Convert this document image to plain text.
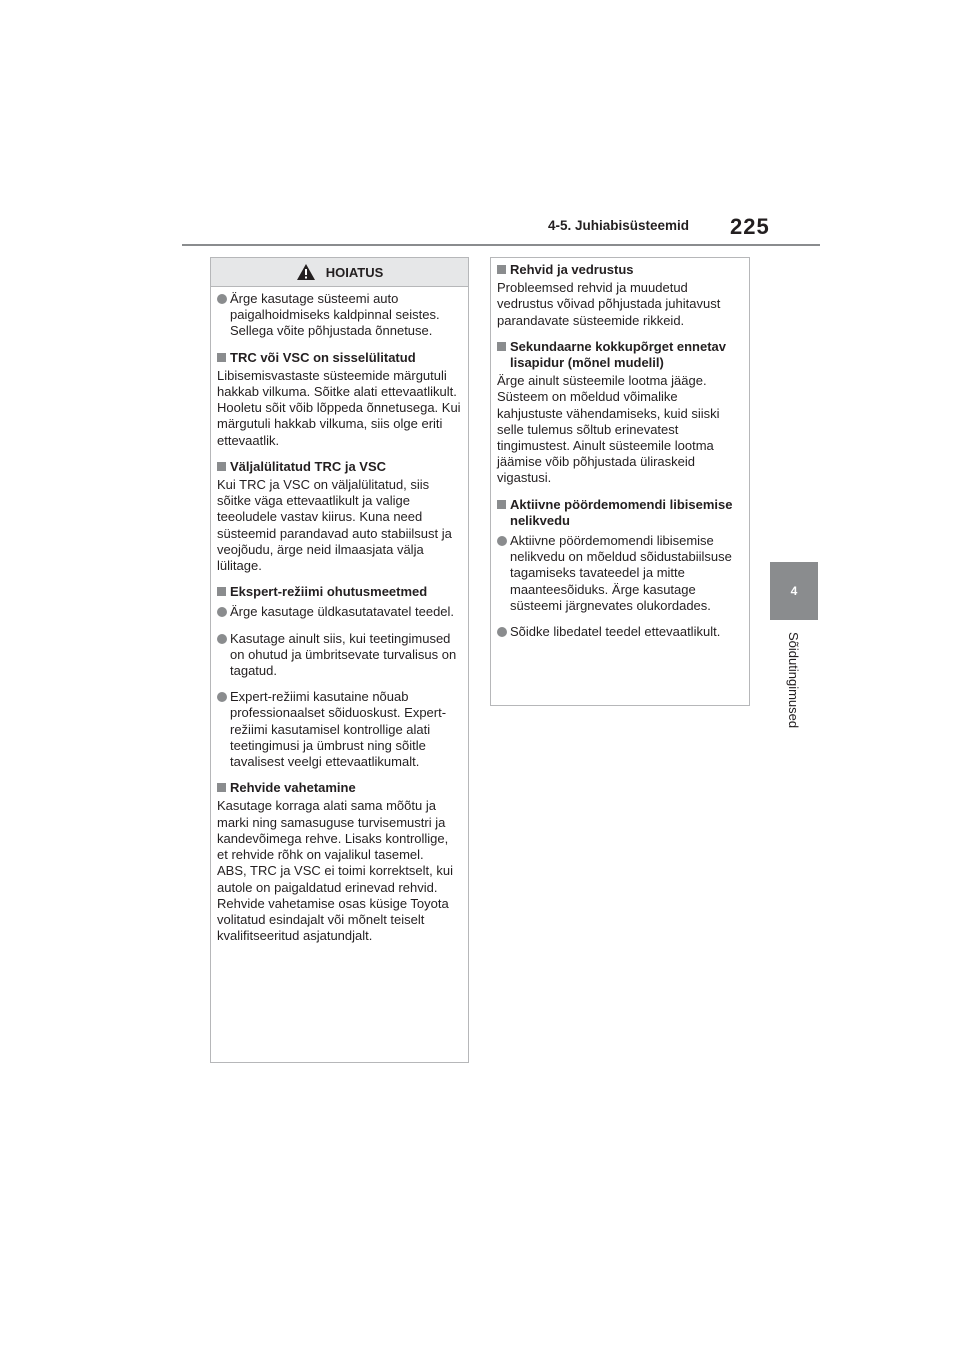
4-5. Juhiabisüsteemid 225
4
Sõidutingimused
HOIATUS
Ärge kasutage süsteemi auto paigalhoidmiseks kaldpinnal seistes. Sellega võite põhjustada õnnetuse.
TRC või VSC on sisselülitatud
Libisemisvastaste süsteemide märgutuli hakkab vilkuma. Sõitke alati ettevaatlikult. Hooletu sõit võib lõppeda õnnetusega. Kui märgutuli hakkab vilkuma, siis olge eriti ettevaatlik.
Väljalülitatud TRC ja VSC
Kui TRC ja VSC on väljalülitatud, siis sõitke väga ettevaatlikult ja valige teeoludele vastav kiirus. Kuna need süsteemid parandavad auto stabiilsust ja veojõudu, ärge neid ilmaasjata välja lülitage.
Ekspert-režiimi ohutusmeetmed
Ärge kasutage üldkasutatavatel teedel.
Kasutage ainult siis, kui teetingimused on ohutud ja ümbritsevate turvalisus on tagatud.
Expert-režiimi kasutaine nõuab professionaalset sõiduoskust. Expert-režiimi kasutamisel kontrollige alati teetingimusi ja ümbrust ning sõitle tavalisest veelgi ettevaatlikumalt.
Rehvide vahetamine
Kasutage korraga alati sama mõõtu ja marki ning samasuguse turvisemustri ja kandevõimega rehve. Lisaks kontrollige, et rehvide rõhk on vajalikul tasemel.
ABS, TRC ja VSC ei toimi korrektselt, kui autole on paigaldatud erinevad rehvid.
Rehvide vahetamise osas küsige Toyota volitatud esindajalt või mõnelt teiselt kvalifitseeritud asjatundjalt.
Rehvid ja vedrustus
Probleemsed rehvid ja muudetud vedrustus võivad põhjustada juhitavust parandavate süsteemide rikkeid.
Sekundaarne kokkupõrget ennetav lisapidur (mõnel mudelil)
Ärge ainult süsteemile lootma jääge. Süsteem on mõeldud võimalike kahjustuste vähendamiseks, kuid siiski selle tulemus sõltub erinevatest tingimustest. Ainult süsteemile lootma jäämise võib põhjustada üliraskeid vigastusi.
Aktiivne pöördemomendi libisemise nelikvedu
Aktiivne pöördemomendi libisemise nelikvedu on mõeldud sõidustabiilsuse tagamiseks tavateedel ja mitte maanteesõiduks. Ärge kasutage süsteemi järgnevates olukordades.
Sõidke libedatel teedel ettevaatlikult.
